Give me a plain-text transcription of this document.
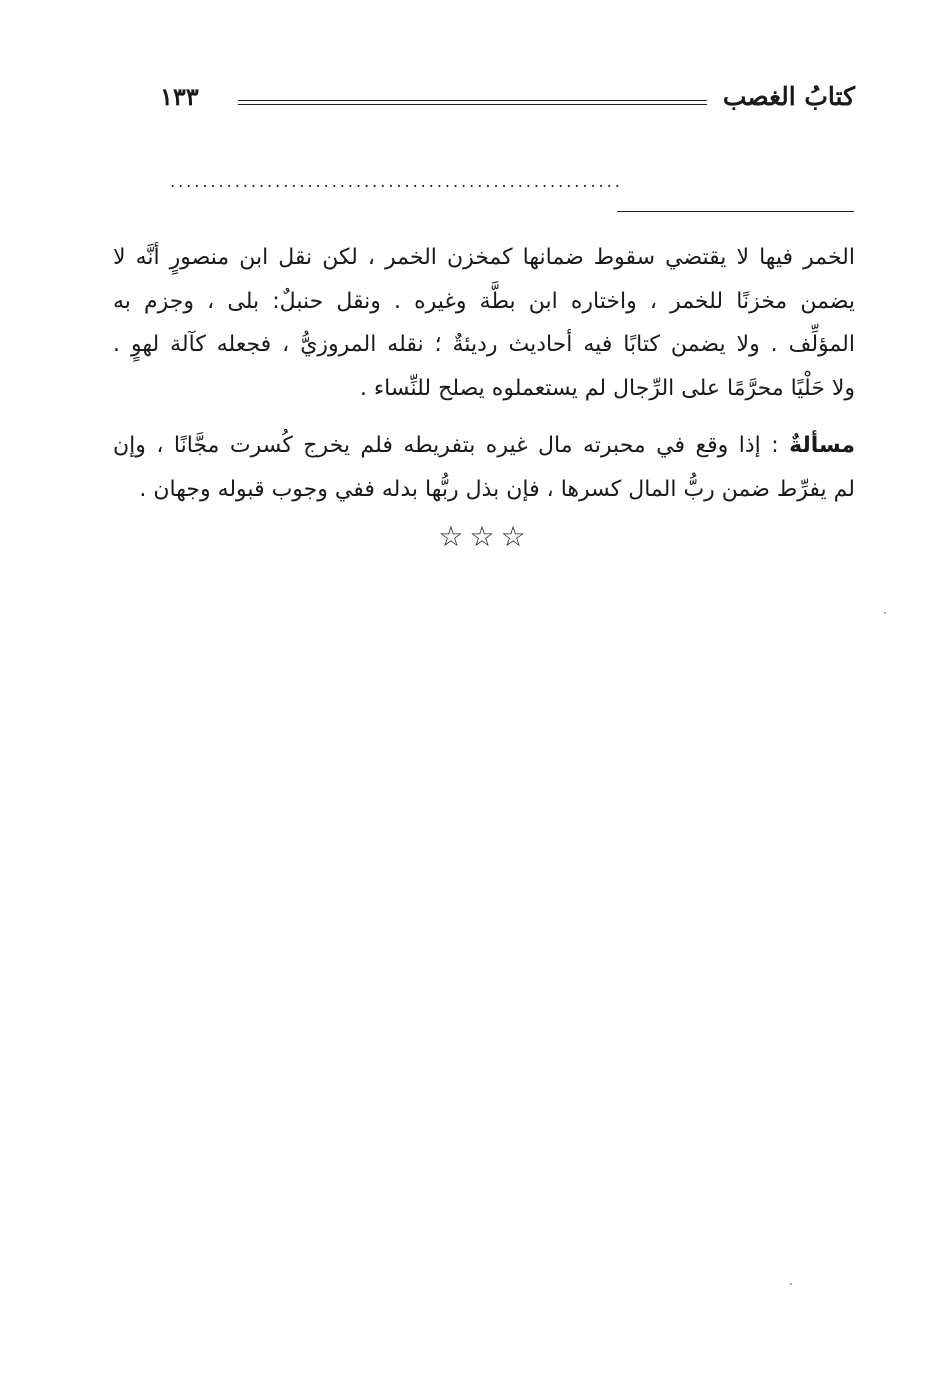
كتابُ الغصب
١٣٣
........................................................

الخمر فيها لا يقتضي سقوط ضمانها كمخزن الخمر ، لكن نقل ابن منصورٍ أنَّه لا
يضمن مخزنًا للخمر ، واختاره ابن بطَّة وغيره . ونقل حنبلٌ: بلى ، وجزم به
المؤلِّف . ولا يضمن كتابًا فيه أحاديث رديئةٌ ؛ نقله المروزيُّ ، فجعله كآلة لهوٍ .
ولا حَلْيًا محرَّمًا على الرِّجال لم يستعملوه يصلح للنِّساء .

مسألةٌ : إذا وقع في محبرته مال غيره بتفريطه فلم يخرج كُسرت مجَّانًا ، وإن
لم يفرِّط ضمن ربُّ المال كسرها ، فإن بذل ربُّها بدله ففي وجوب قبوله وجهان .

☆☆☆
